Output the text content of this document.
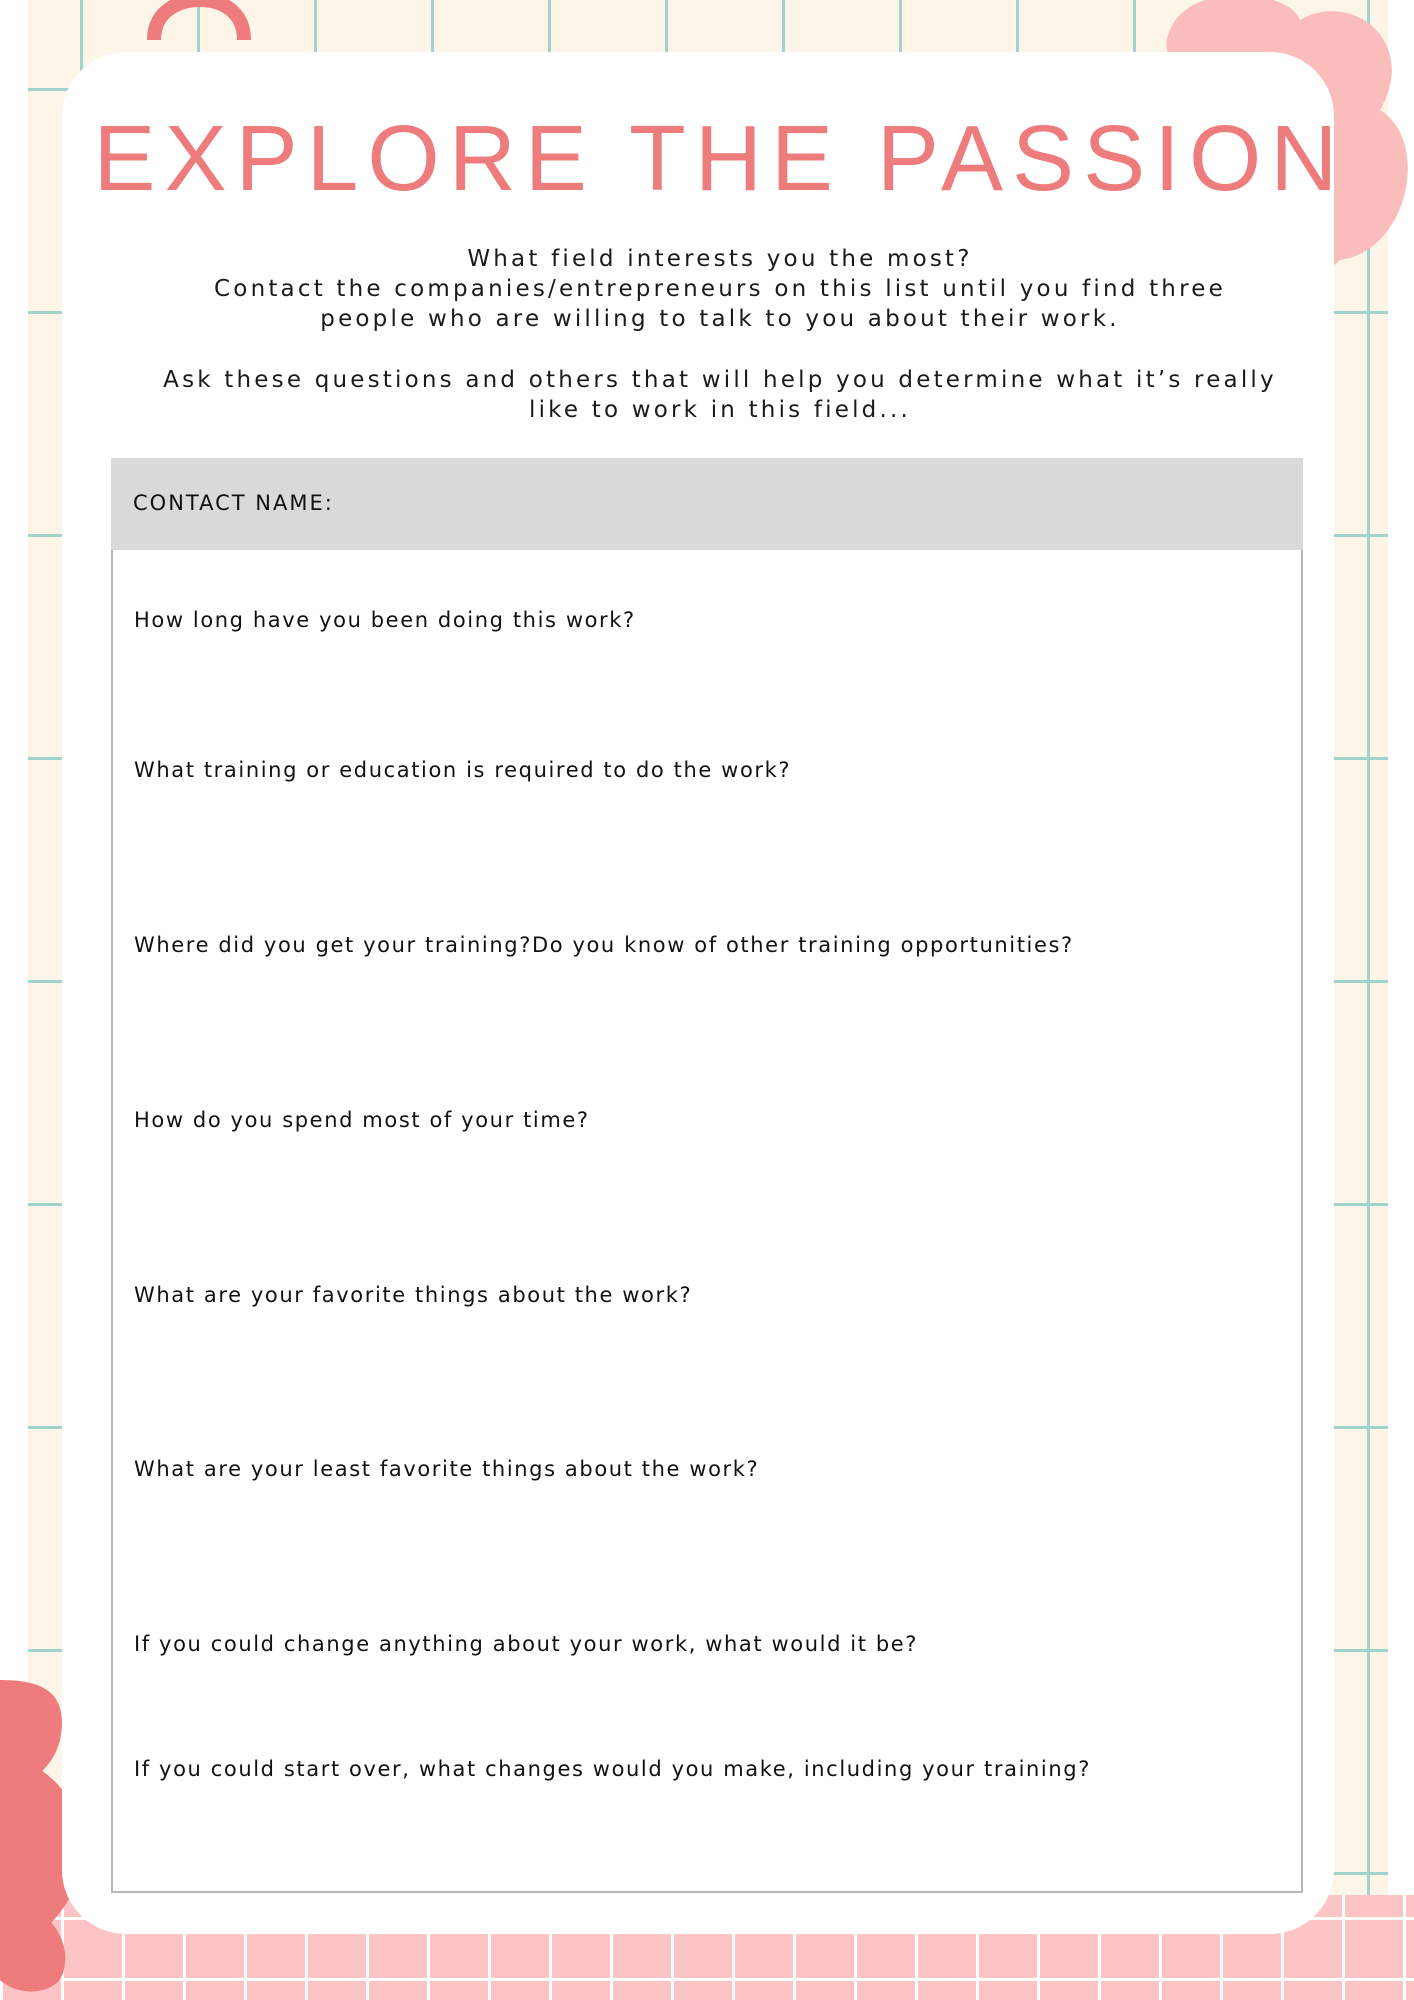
EXPLORE THE PASSION
What field interests you the most?
Contact the companies/entrepreneurs on this list until you find three
people who are willing to talk to you about their work.
Ask these questions and others that will help you determine what it’s really
like to work in this field...
CONTACT NAME:
How long have you been doing this work?
What training or education is required to do the work?
Where did you get your training?Do you know of other training opportunities?
How do you spend most of your time?
What are your favorite things about the work?
What are your least favorite things about the work?
If you could change anything about your work, what would it be?
If you could start over, what changes would you make, including your training?
